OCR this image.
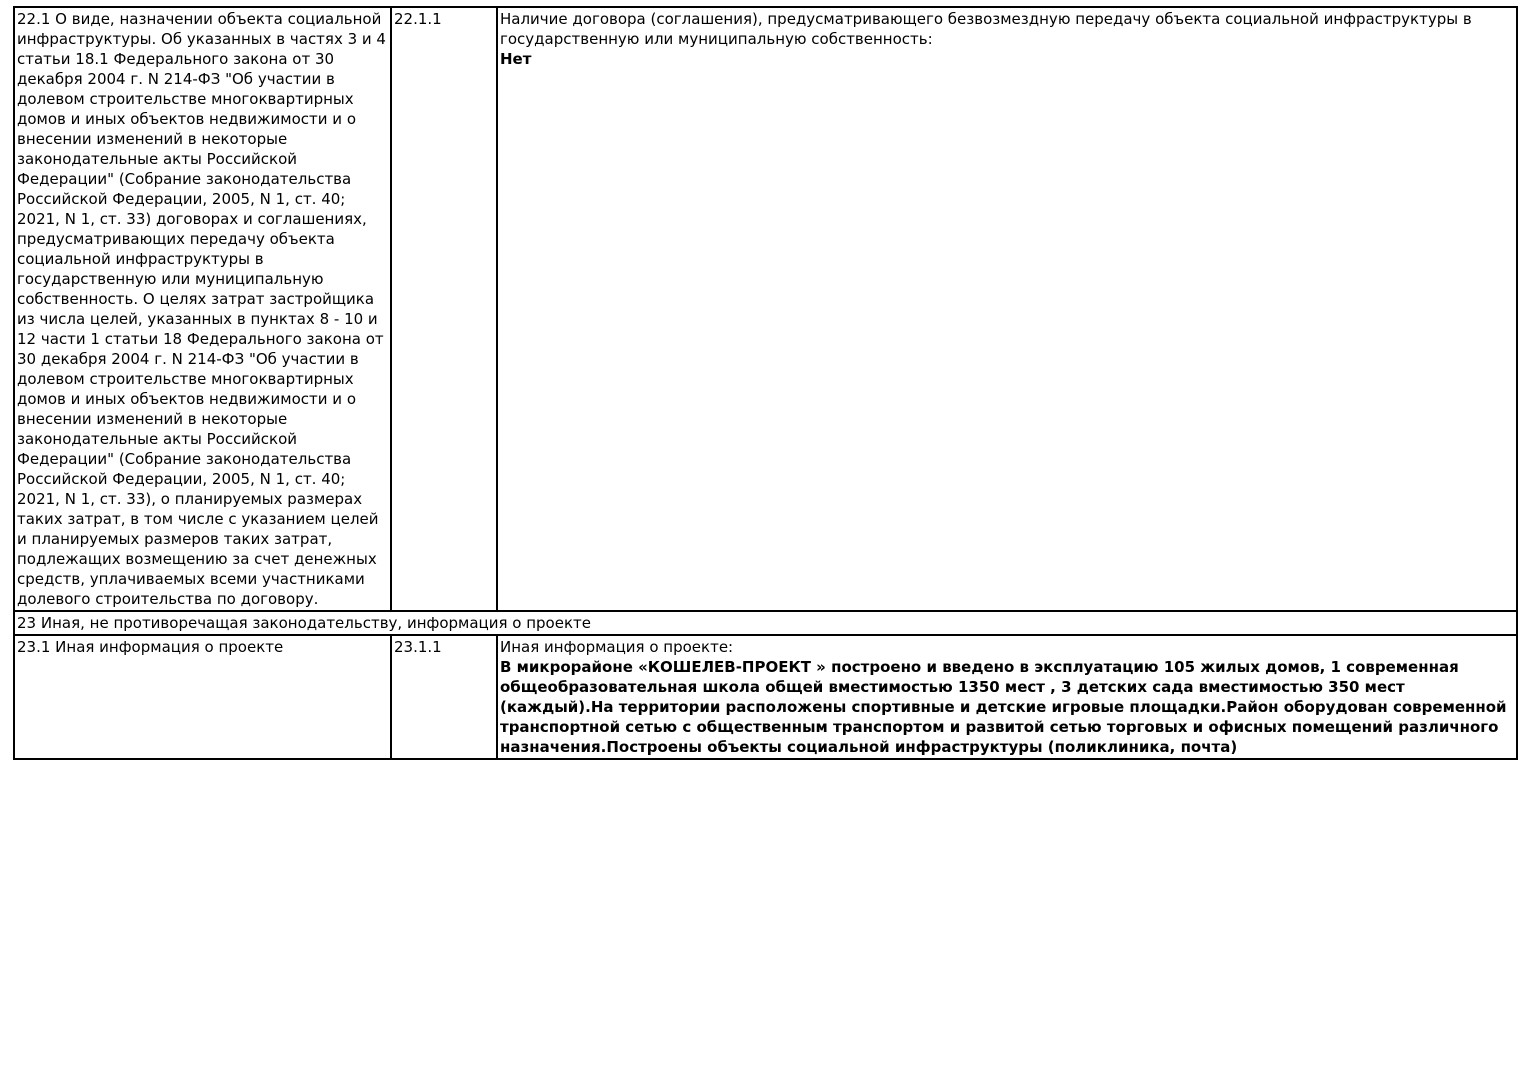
22.1 О виде, назначении объекта социальной инфраструктуры. Об указанных в частях 3 и 4 статьи 18.1 Федерального закона от 30 декабря 2004 г. N 214-ФЗ "Об участии в долевом строительстве многоквартирных домов и иных объектов недвижимости и о внесении изменений в некоторые законодательные акты Российской Федерации" (Собрание законодательства Российской Федерации, 2005, N 1, ст. 40; 2021, N 1, ст. 33) договорах и соглашениях, предусматривающих передачу объекта социальной инфраструктуры в государственную или муниципальную собственность. О целях затрат застройщика из числа целей, указанных в пунктах 8 - 10 и 12 части 1 статьи 18 Федерального закона от 30 декабря 2004 г. N 214-ФЗ "Об участии в долевом строительстве многоквартирных домов и иных объектов недвижимости и о внесении изменений в некоторые законодательные акты Российской Федерации" (Собрание законодательства Российской Федерации, 2005, N 1, ст. 40; 2021, N 1, ст. 33), о планируемых размерах таких затрат, в том числе с указанием целей и планируемых размеров таких затрат, подлежащих возмещению за счет денежных средств, уплачиваемых всеми участниками долевого строительства по договору.	22.1.1	Наличие договора (соглашения), предусматривающего безвозмездную передачу объекта социальной инфраструктуры в государственную или муниципальную собственность:
Нет

23 Иная, не противоречащая законодательству, информация о проекте		
23.1 Иная информация о проекте	23.1.1	Иная информация о проекте:
В микрорайоне «КОШЕЛЕВ-ПРОЕКТ » построено и введено в эксплуатацию 105 жилых домов, 1 современная общеобразовательная школа общей вместимостью 1350 мест , 3 детских сада вместимостью 350 мест (каждый).На территории расположены спортивные и детские игровые площадки.Район оборудован современной транспортной сетью с общественным транспортом и развитой сетью торговых и офисных помещений различного назначения.Построены объекты социальной инфраструктуры (поликлиника, почта)
